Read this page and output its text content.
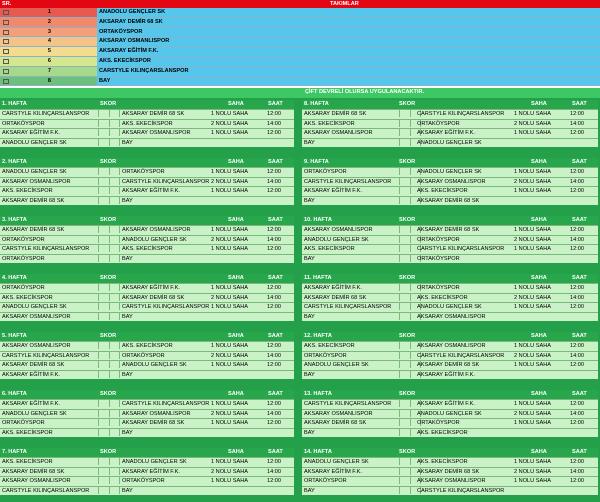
SR.	TAKIMLAR
1	ANADOLU GENÇLER SK
2	AKSARAY DEMİR 68 SK
3	ORTAKÖYSPOR
4	AKSARAY OSMANLISPOR
5	AKSARAY EĞİTİM F.K.
6	AKS. EKECİKSPOR
7	CARSTYLE KILINÇARSLANSPOR
8	BAY
ÇİFT DEVRELİ OLURSA UYGULANACAKTIR.
1. HAFTA	SKOR	SAHA	SAAT
CARSTYLE KILINÇARSLANSPOR	AKSARAY DEMİR 68 SK	1 NOLU SAHA	12:00
ORTAKÖYSPOR	AKS. EKECİKSPOR	2 NOLU SAHA	14:00
AKSARAY EĞİTİM F.K.	AKSARAY OSMANLISPOR	1 NOLU SAHA	12:00
ANADOLU GENÇLER SK	BAY
2. HAFTA	SKOR	SAHA	SAAT
ANADOLU GENÇLER SK	ORTAKÖYSPOR	1 NOLU SAHA	12:00
AKSARAY OSMANLISPOR	CARSTYLE KILINÇARSLANSPOR 2 NOLU SAHA	14:00
AKS. EKECİKSPOR	AKSARAY EĞİTİM F.K.	1 NOLU SAHA	12:00
AKSARAY DEMİR 68 SK	BAY
3. HAFTA	SKOR	SAHA	SAAT
AKSARAY DEMİR 68 SK	AKSARAY OSMANLISPOR	1 NOLU SAHA	12:00
ORTAKÖYSPOR	ANADOLU GENÇLER SK	2 NOLU SAHA	14:00
CARSTYLE KILINÇARSLANSPOR	AKS. EKECİKSPOR	1 NOLU SAHA	12:00
ORTAKÖYSPOR	BAY
4. HAFTA	SKOR	SAHA	SAAT
ORTAKÖYSPOR	AKSARAY EĞİTİM F.K.	1 NOLU SAHA	12:00
AKS. EKECİKSPOR	AKSARAY DEMİR 68 SK	2 NOLU SAHA	14:00
ANADOLU GENÇLER SK	CARSTYLE KILINÇARSLANSPOR 1 NOLU SAHA	12:00
AKSARAY OSMANLISPOR	BAY
5. HAFTA	SKOR	SAHA	SAAT
AKSARAY OSMANLISPOR	AKS. EKECİKSPOR	1 NOLU SAHA	12:00
CARSTYLE KILINÇARSLANSPOR	ORTAKÖYSPOR	2 NOLU SAHA	14:00
AKSARAY DEMİR 68 SK	ANADOLU GENÇLER SK	1 NOLU SAHA	12:00
AKSARAY EĞİTİM F.K.	BAY
6. HAFTA	SKOR	SAHA	SAAT
AKSARAY EĞİTİM F.K.	CARSTYLE KILINÇARSLANSPOR 1 NOLU SAHA	12:00
ANADOLU GENÇLER SK	AKSARAY OSMANLISPOR	2 NOLU SAHA	14:00
ORTAKÖYSPOR	AKSARAY DEMİR 68 SK	1 NOLU SAHA	12:00
AKS. EKECİKSPOR	BAY
7. HAFTA	SKOR	SAHA	SAAT
AKS. EKECİKSPOR	ANADOLU GENÇLER SK	1 NOLU SAHA	12:00
AKSARAY DEMİR 68 SK	AKSARAY EĞİTİM F.K.	2 NOLU SAHA	14:00
AKSARAY OSMANLISPOR	ORTAKÖYSPOR	1 NOLU SAHA	12:00
CARSTYLE KILINÇARSLANSPOR	BAY
8. HAFTA	SKOR	SAHA	SAAT
AKSARAY DEMİR 68 SK	CARSTYLE KILINÇARSLANSPOR 1 NOLU SAHA	12:00
AKS. EKECİKSPOR	ORTAKÖYSPOR	2 NOLU SAHA	14:00
AKSARAY OSMANLISPOR	AKSARAY EĞİTİM F.K.	1 NOLU SAHA	12:00
BAY	ANADOLU GENÇLER SK
9. HAFTA	SKOR	SAHA	SAAT
ORTAKÖYSPOR	ANADOLU GENÇLER SK	1 NOLU SAHA	12:00
CARSTYLE KILINÇARSLANSPOR	AKSARAY OSMANLISPOR	2 NOLU SAHA	14:00
AKSARAY EĞİTİM F.K.	AKS. EKECİKSPOR	1 NOLU SAHA	12:00
BAY	AKSARAY DEMİR 68 SK
10. HAFTA	SKOR	SAHA	SAAT
AKSARAY OSMANLISPOR	AKSARAY DEMİR 68 SK	1 NOLU SAHA	12:00
ANADOLU GENÇLER SK	ORTAKÖYSPOR	2 NOLU SAHA	14:00
AKS. EKECİKSPOR	CARSTYLE KILINÇARSLANSPOR 1 NOLU SAHA	12:00
BAY	ORTAKÖYSPOR
11. HAFTA	SKOR	SAHA	SAAT
AKSARAY EĞİTİM F.K.	ORTAKÖYSPOR	1 NOLU SAHA	12:00
AKSARAY DEMİR 68 SK	AKS. EKECİKSPOR	2 NOLU SAHA	14:00
CARSTYLE KILINÇARSLANSPOR	ANADOLU GENÇLER SK	1 NOLU SAHA	12:00
BAY	AKSARAY OSMANLISPOR
12. HAFTA	SKOR	SAHA	SAAT
AKS. EKECİKSPOR	AKSARAY OSMANLISPOR	1 NOLU SAHA	12:00
ORTAKÖYSPOR	CARSTYLE KILINÇARSLANSPOR 2 NOLU SAHA	14:00
ANADOLU GENÇLER SK	AKSARAY DEMİR 68 SK	1 NOLU SAHA	12:00
BAY	AKSARAY EĞİTİM F.K.
13. HAFTA	SKOR	SAHA	SAAT
CARSTYLE KILINÇARSLANSPOR	AKSARAY EĞİTİM F.K.	1 NOLU SAHA	12:00
AKSARAY OSMANLISPOR	ANADOLU GENÇLER SK	2 NOLU SAHA	14:00
AKSARAY DEMİR 68 SK	ORTAKÖYSPOR	1 NOLU SAHA	12:00
BAY	AKS. EKECİKSPOR
14. HAFTA	SKOR	SAHA	SAAT
ANADOLU GENÇLER SK	AKS. EKECİKSPOR	1 NOLU SAHA	12:00
AKSARAY EĞİTİM F.K.	AKSARAY DEMİR 68 SK	2 NOLU SAHA	14:00
ORTAKÖYSPOR	AKSARAY OSMANLISPOR	1 NOLU SAHA	12:00
BAY	CARSTYLE KILINÇARSLANSPOR
